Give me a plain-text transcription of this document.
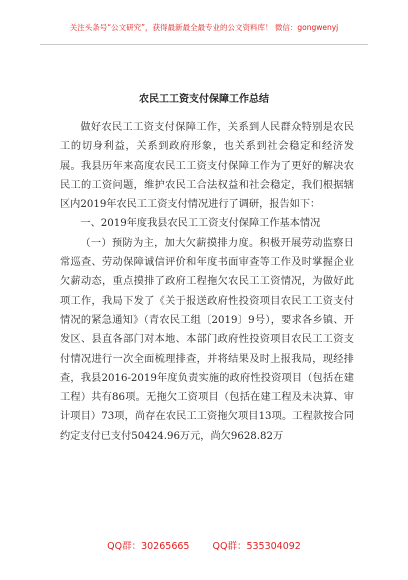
关注头条号“公文研究”，获得最新最全最专业的公文资料库！ 微信：gongwenyj
农民工工资支付保障工作总结

做好农民工工资支付保障工作，关系到人民群众特别是农民工的切身利益，关系到政府形象，也关系到社会稳定和经济发展。我县历年来高度农民工工资支付保障工作为了更好的解决农民工的工资问题，维护农民工合法权益和社会稳定，我们根据辖区内2019年农民工工资支付情况进行了调研，报告如下：

一、2019年度我县农民工工资支付保障工作基本情况

（一）预防为主，加大欠薪摸排力度。积极开展劳动监察日常巡查、劳动保障诚信评价和年度书面审查等工作及时掌握企业欠薪动态，重点摸排了政府工程拖欠农民工工资情况，为做好此项工作，我局下发了《关于报送政府性投资项目农民工工资支付情况的紧急通知》（青农民工组〔2019〕9号），要求各乡镇、开发区、县直各部门对本地、本部门政府性投资项目农民工工资支付情况进行一次全面梳理排查，并将结果及时上报我局，现经排查，我县2016-2019年度负责实施的政府性投资项目（包括在建工程）共有86项。无拖欠工资项目（包括在建工程及未决算、审计项目）73项，尚存在农民工工资拖欠项目13项。工程款按合同约定支付已支付50424.96万元，尚欠9628.82万

QQ群：30265665 QQ群：535304092
